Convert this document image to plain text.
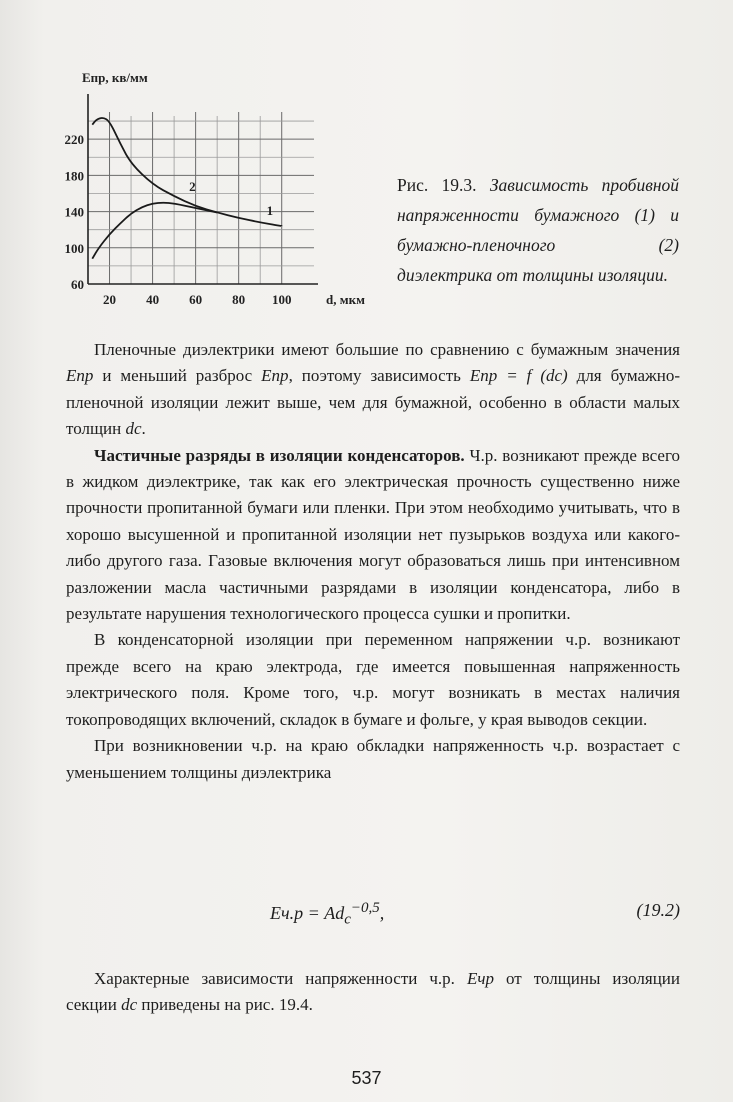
20 40 60 80 100
60
100
140
180
220
Eпр, кв/мм
d, мкм
1
2	Рис. 19.3. Зависимость пробивной напряженности бумажного (1) и бумажно-пленочного (2) диэлектрика от толщины изоляции.

Пленочные диэлектрики имеют большие по сравнению с бумажным значения Eпр и меньший разброс Eпр, поэтому зависимость Eпр = f (dc) для бумажно-пленочной изоляции лежит выше, чем для бумажной, особенно в области малых толщин dc.

Частичные разряды в изоляции конденсаторов. Ч.р. возникают прежде всего в жидком диэлектрике, так как его электрическая прочность существенно ниже прочности пропитанной бумаги или пленки. При этом необходимо учитывать, что в хорошо высушенной и пропитанной изоляции нет пузырьков воздуха или какого-либо другого газа. Газовые включения могут образоваться лишь при интенсивном разложении масла частичными разрядами в изоляции конденсатора, либо в результате нарушения технологического процесса сушки и пропитки.

В конденсаторной изоляции при переменном напряжении ч.р. возникают прежде всего на краю электрода, где имеется повышенная напряженность электрического поля. Кроме того, ч.р. могут возникать в местах наличия токопроводящих включений, складок в бумаге и фольге, у края выводов секции.

При возникновении ч.р. на краю обкладки напряженность ч.р. возрастает с уменьшением толщины диэлектрика

$Eч.р = Ad_c^{-0,5}$,	(19.2)

Характерные зависимости напряженности ч.р. Eчр от толщины изоляции секции dc приведены на рис. 19.4.

537
